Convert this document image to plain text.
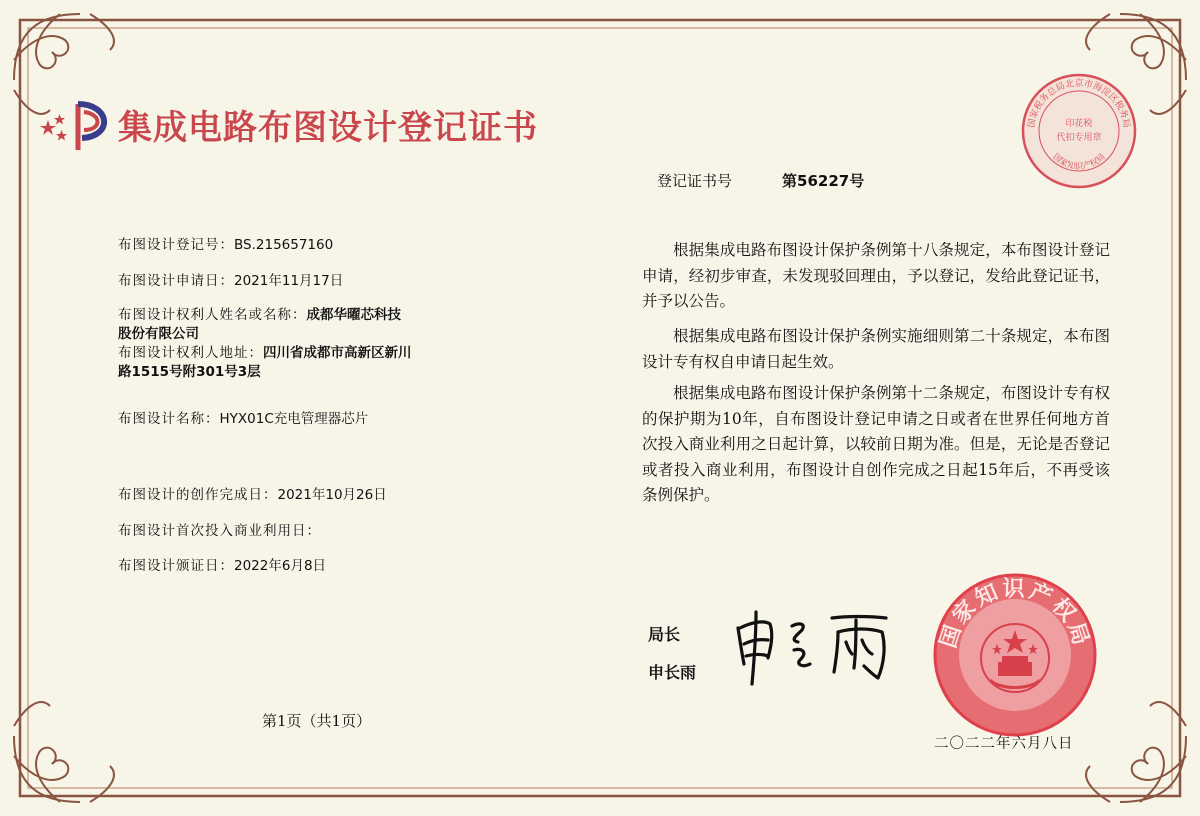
集成电路布图设计登记证书	国家税务总局北京市海淀区税务局
印花税
代扣专用章
国家知识产权局
登记证书号	第56227号
布图设计登记号：BS.215657160
布图设计申请日：2021年11月17日
布图设计权利人姓名或名称：成都华曜芯科技股份有限公司
布图设计权利人地址：四川省成都市高新区新川路1515号附301号3层
布图设计名称：HYX01C充电管理器芯片
布图设计的创作完成日：2021年10月26日
布图设计首次投入商业利用日：
布图设计颁证日：2022年6月8日
根据集成电路布图设计保护条例第十八条规定，本布图设计登记申请，经初步审查，未发现驳回理由，予以登记，发给此登记证书，并予以公告。
根据集成电路布图设计保护条例实施细则第二十条规定，本布图设计专有权自申请日起生效。
根据集成电路布图设计保护条例第十二条规定，布图设计专有权的保护期为10年，自布图设计登记申请之日或者在世界任何地方首次投入商业利用之日起计算，以较前日期为准。但是，无论是否登记或者投入商业利用，布图设计自创作完成之日起15年后，不再受该条例保护。
第1页（共1页）
局长
申长雨
国家知识产权局
二〇二二年六月八日
